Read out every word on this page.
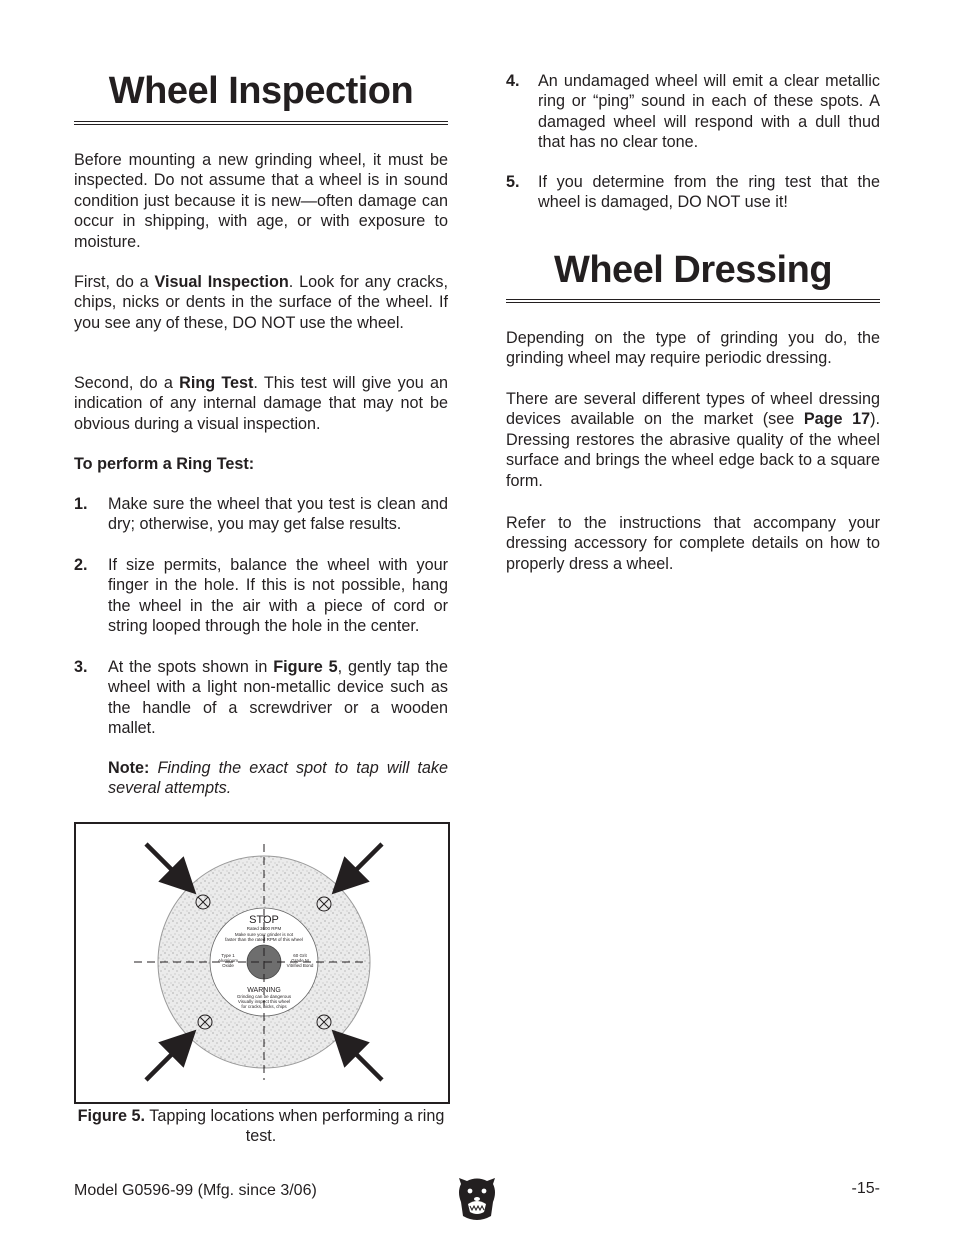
Wheel Inspection

Before mounting a new grinding wheel, it must be inspected. Do not assume that a wheel is in sound condition just because it is new—often damage can occur in shipping, with age, or with exposure to moisture.

First, do a Visual Inspection. Look for any cracks, chips, nicks or dents in the surface of the wheel. If you see any of these, DO NOT use the wheel.

Second, do a Ring Test. This test will give you an indication of any internal damage that may not be obvious during a visual inspection.

To perform a Ring Test:

1.	Make sure the wheel that you test is clean and dry; otherwise, you may get false results.
2.	If size permits, balance the wheel with your finger in the hole. If this is not possible, hang the wheel in the air with a piece of cord or string looped through the hole in the center.
3.	At the spots shown in Figure 5, gently tap the wheel with a light non-metallic device such as the handle of a screwdriver or a wooden mallet.

Note: Finding the exact spot to tap will take several attempts.

STOP
Rated 3600 RPM
Make sure your grinder is not
faster than the rated RPM of this wheel
Type 1
Aluminum
Oxide
60 Grit
Grade M
Vitrified Bond
WARNING
Grinding can be dangerous
Visually inspect this wheel
for cracks, nicks, chips
Figure 5. Tapping locations when performing a ring test.
4.	An undamaged wheel will emit a clear metallic ring or “ping” sound in each of these spots. A damaged wheel will respond with a dull thud that has no clear tone.
5.	If you determine from the ring test that the wheel is damaged, DO NOT use it!
Wheel Dressing

Depending on the type of grinding you do, the grinding wheel may require periodic dressing.

There are several different types of wheel dressing devices available on the market (see Page 17). Dressing restores the abrasive quality of the wheel surface and brings the wheel edge back to a square form.

Refer to the instructions that accompany your dressing accessory for complete details on how to properly dress a wheel.

Model G0596-99 (Mfg. since 3/06)	-15-
